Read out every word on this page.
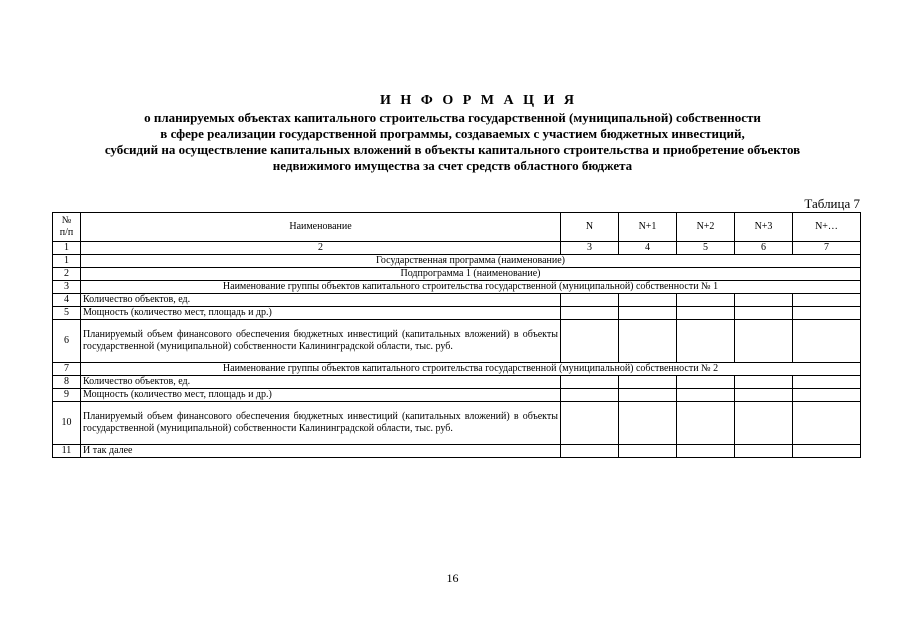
И Н Ф О Р М А Ц И Я
о планируемых объектах капитального строительства государственной (муниципальной) собственности
в сфере реализации государственной программы, создаваемых с участием бюджетных инвестиций,
субсидий на осуществление капитальных вложений в объекты капитального строительства и приобретение объектов
недвижимого имущества за счет средств областного бюджета
Таблица 7
№
п/п	Наименование	N	N+1	N+2	N+3	N+…
1	2	3	4	5	6	7
1	Государственная программа (наименование)					
2	Подпрограмма 1 (наименование)					
3	Наименование группы объектов капитального строительства государственной (муниципальной) собственности № 1					
4	Количество объектов, ед.					
5	Мощность (количество мест, площадь и др.)					
6	Планируемый объем финансового обеспечения бюджетных инвестиций (капитальных вложений) в объекты государственной (муниципальной) собственности Калининградской области, тыс. руб.					
7	Наименование группы объектов капитального строительства государственной (муниципальной) собственности № 2					
8	Количество объектов, ед.					
9	Мощность (количество мест, площадь и др.)					
10	Планируемый объем финансового обеспечения бюджетных инвестиций (капитальных вложений) в объекты государственной (муниципальной) собственности Калининградской области, тыс. руб.					
11	И так далее					
16
